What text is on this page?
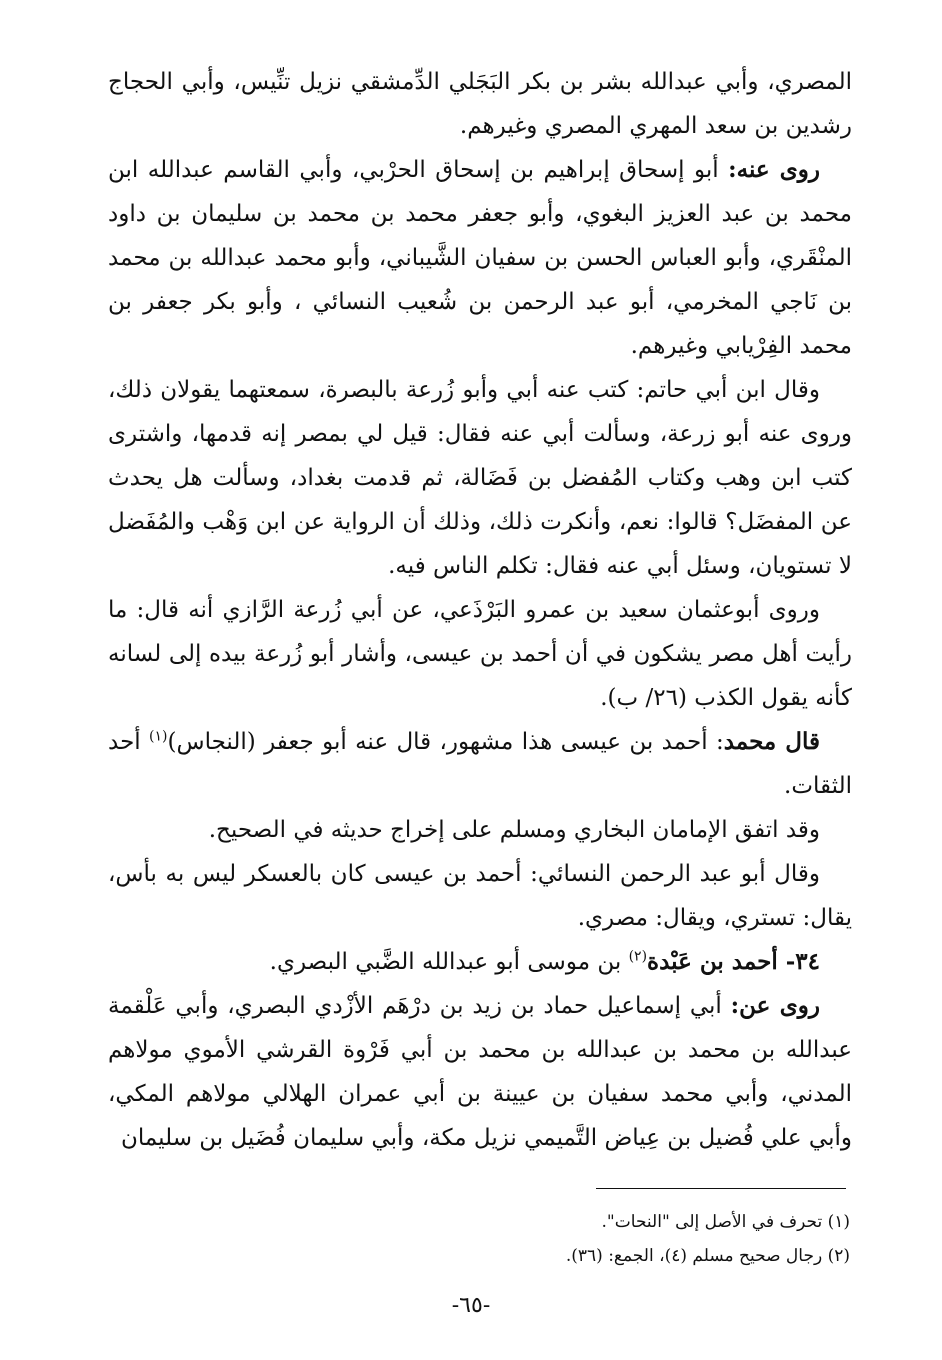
المصري، وأبي عبدالله بشر بن بكر البَجَلي الدِّمشقي نزيل تنِّيس، وأبي الحجاج رشدين بن سعد المهري المصري وغيرهم.

روى عنه: أبو إسحاق إبراهيم بن إسحاق الحرْبي، وأبي القاسم عبدالله ابن محمد بن عبد العزيز البغوي، وأبو جعفر محمد بن محمد بن سليمان بن داود المنْقَري، وأبو العباس الحسن بن سفيان الشَّيباني، وأبو محمد عبدالله بن محمد بن نَاجي المخرمي، أبو عبد الرحمن بن شُعيب النسائي ، وأبو بكر جعفر بن محمد الفِرْيابي وغيرهم.

وقال ابن أبي حاتم: كتب عنه أبي وأبو زُرعة بالبصرة، سمعتهما يقولان ذلك، وروى عنه أبو زرعة، وسألت أبي عنه فقال: قيل لي بمصر إنه قدمها، واشترى كتب ابن وهب وكتاب المُفضل بن فَضَالة، ثم قدمت بغداد، وسألت هل يحدث عن المفضَل؟ قالوا: نعم، وأنكرت ذلك، وذلك أن الرواية عن ابن وَهْب والمُفَضل لا تستويان، وسئل أبي عنه فقال: تكلم الناس فيه.

وروى أبوعثمان سعيد بن عمرو البَرْذَعي، عن أبي زُرعة الرَّازي أنه قال: ما رأيت أهل مصر يشكون في أن أحمد بن عيسى، وأشار أبو زُرعة بيده إلى لسانه كأنه يقول الكذب (٢٦/ ب).

قال محمد: أحمد بن عيسى هذا مشهور، قال عنه أبو جعفر (النجاس)$^{(١)}$ أحد الثقات.

وقد اتفق الإمامان البخاري ومسلم على إخراج حديثه في الصحيح.

وقال أبو عبد الرحمن النسائي: أحمد بن عيسى كان بالعسكر ليس به بأس، يقال: تستري، ويقال: مصري.

٣٤- أحمد بن عَبْدة$^{(٢)}$ بن موسى أبو عبدالله الضَّبي البصري.

روى عن: أبي إسماعيل حماد بن زيد بن درْهَم الأزْدي البصري، وأبي عَلْقمة عبدالله بن محمد بن عبدالله بن محمد بن أبي فَرْوة القرشي الأموي مولاهم المدني، وأبي محمد سفيان بن عيينة بن أبي عمران الهلالي مولاهم المكي، وأبي علي فُضيل بن عِياض التَّميمي نزيل مكة، وأبي سليمان فُضَيل بن سليمان

(١) تحرف في الأصل إلى "النحات".

(٢) رجال صحيح مسلم (٤)، الجمع: (٣٦).

-٦٥-
